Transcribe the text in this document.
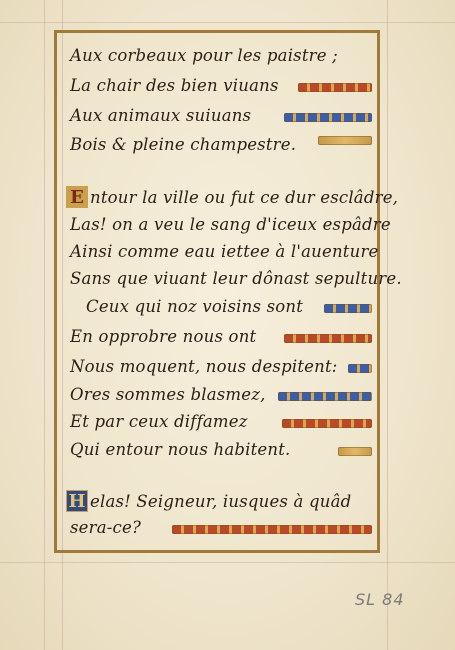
Aux corbeaux pour les paistre ;
La chair des bien viuans
Aux animaux suiuans
Bois & pleine champestre.
E ntour la ville ou fut ce dur esclâdre,
Las! on a veu le sang d'iceux espâdre
Ainsi comme eau iettee à l'auenture
Sans que viuant leur dônast sepulture.
Ceux qui noz voisins sont
En opprobre nous ont
Nous moquent, nous despitent:
Ores sommes blasmez,
Et par ceux diffamez
Qui entour nous habitent.
H elas! Seigneur, iusques à quâd
sera-ce?
SL 84
